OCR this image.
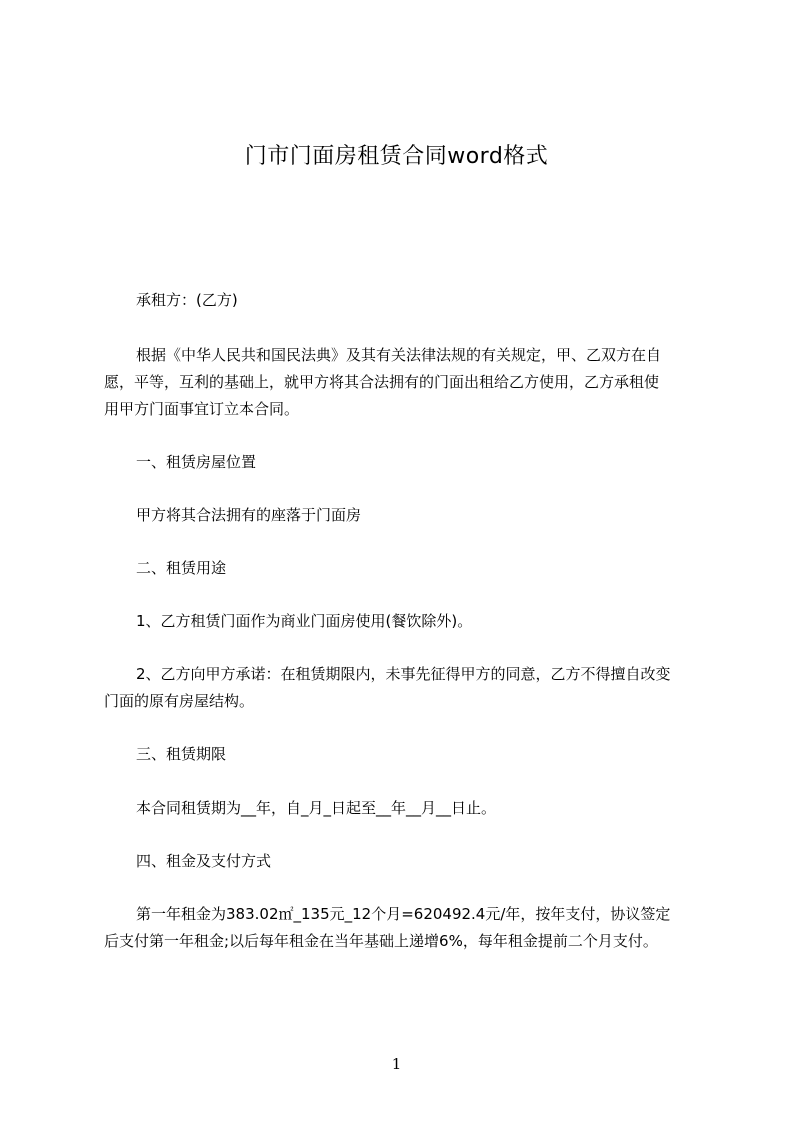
门市门面房租赁合同word格式
承租方：(乙方)
根据《中华人民共和国民法典》及其有关法律法规的有关规定，甲、乙双方在自
愿，平等，互利的基础上，就甲方将其合法拥有的门面出租给乙方使用，乙方承租使
用甲方门面事宜订立本合同。
一、租赁房屋位置
甲方将其合法拥有的座落于门面房
二、租赁用途
1、乙方租赁门面作为商业门面房使用(餐饮除外)。
2、乙方向甲方承诺：在租赁期限内，未事先征得甲方的同意，乙方不得擅自改变
门面的原有房屋结构。
三、租赁期限
本合同租赁期为__年，自_月_日起至__年__月__日止。
四、租金及支付方式
第一年租金为383.02㎡_135元_12个月=620492.4元/年，按年支付，协议签定
后支付第一年租金;以后每年租金在当年基础上递增6%，每年租金提前二个月支付。
1
